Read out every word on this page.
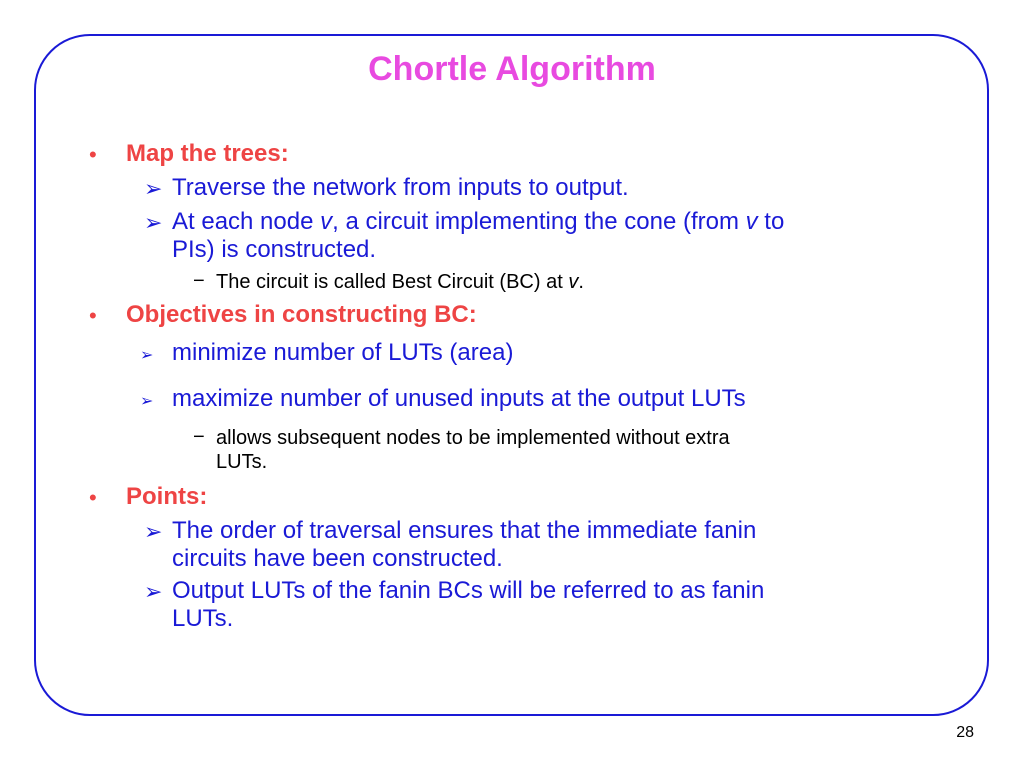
Chortle Algorithm
• Map the trees:
➢ Traverse the network from inputs to output.
➢ At each node v, a circuit implementing the cone (from v to
PIs) is constructed.
− The circuit is called Best Circuit (BC) at v.
• Objectives in constructing BC:
➢ minimize number of LUTs (area)
➢ maximize number of unused inputs at the output LUTs
− allows subsequent nodes to be implemented without extra
LUTs.
• Points:
➢ The order of traversal ensures that the immediate fanin
circuits have been constructed.
➢ Output LUTs of the fanin BCs will be referred to as fanin
LUTs.
28
